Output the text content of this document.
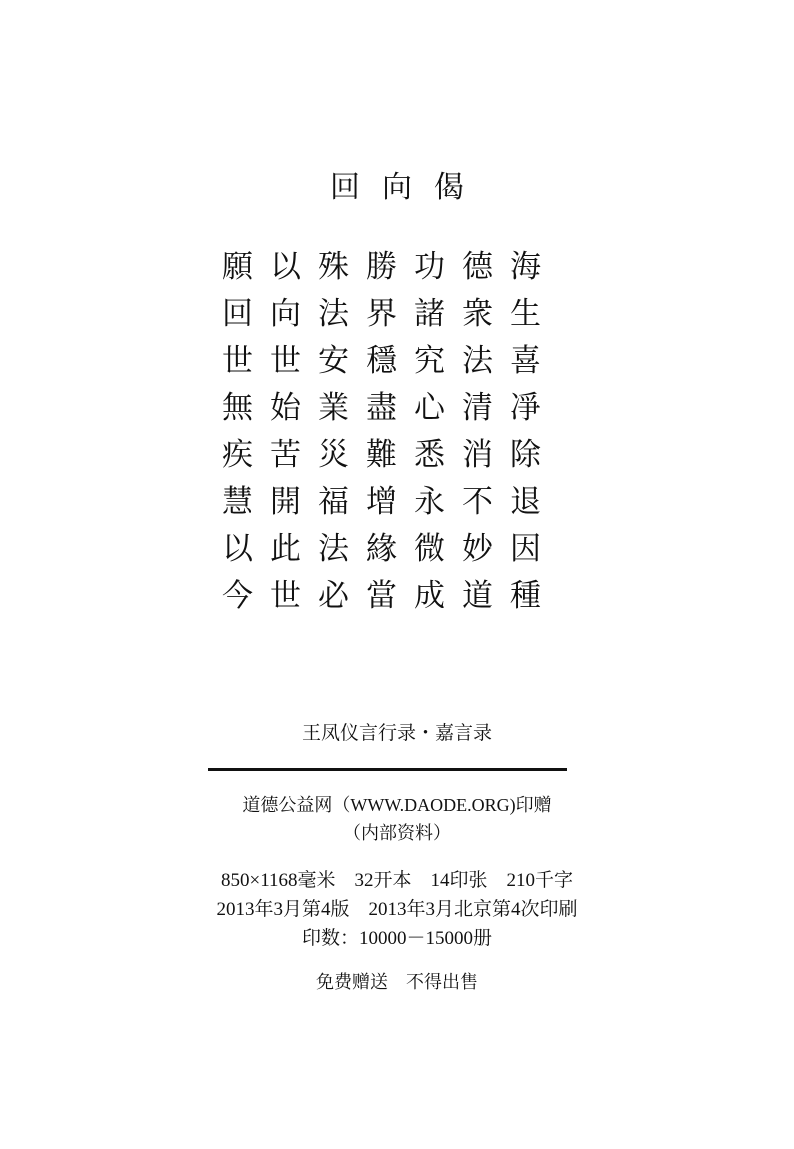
回向偈
願以殊勝功德海
回向法界諸衆生
世世安穩究法喜
無始業盡心清凈
疾苦災難悉消除
慧開福增永不退
以此法緣微妙因
今世必當成道種
王凤仪言行录・嘉言录
道德公益网（WWW.DAODE.ORG)印赠
（内部资料）
850×1168毫米　32开本　14印张　210千字
2013年3月第4版　2013年3月北京第4次印刷
印数：10000－15000册
免费赠送　不得出售
